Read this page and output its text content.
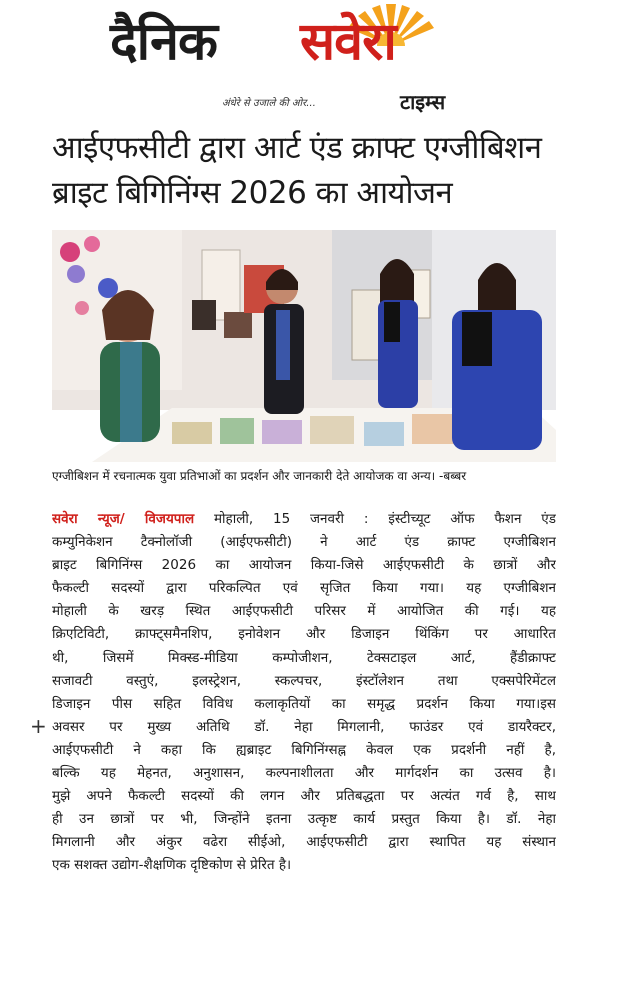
दैनिक सवेरा
अंधेरे से उजाले की ओर...	टाइम्स
आईएफसीटी द्वारा आर्ट एंड क्राफ्ट एग्जीबिशन
ब्राइट बिगिनिंग्स 2026 का आयोजन
एग्जीबिशन में रचनात्मक युवा प्रतिभाओं का प्रदर्शन और जानकारी देते आयोजक वा अन्य। -बब्बर
सवेरा न्यूज/ विजयपाल मोहाली, 15 जनवरी : इंस्टीच्यूट ऑफ फैशन एंड
कम्युनिकेशन टैक्नोलॉजी (आईएफसीटी) ने आर्ट एंड क्राफ्ट एग्जीबिशन
ब्राइट बिगिनिंग्स 2026 का आयोजन किया-जिसे आईएफसीटी के छात्रों और
फैकल्टी सदस्यों द्वारा परिकल्पित एवं सृजित किया गया। यह एग्जीबिशन
मोहाली के खरड़ स्थित आईएफसीटी परिसर में आयोजित की गई। यह
क्रिएटिविटी, क्राफ्ट्समैनशिप, इनोवेशन और डिजाइन थिंकिंग पर आधारित
थी, जिसमें मिक्स्ड-मीडिया कम्पोजीशन, टेक्सटाइल आर्ट, हैंडीक्राफ्ट
सजावटी वस्तुएं, इलस्ट्रेशन, स्कल्पचर, इंस्टॉलेशन तथा एक्सपेरिमेंटल
डिजाइन पीस सहित विविध कलाकृतियों का समृद्ध प्रदर्शन किया गया।इस
अवसर पर मुख्य अतिथि डॉ. नेहा मिगलानी, फाउंडर एवं डायरैक्टर,
आईएफसीटी ने कहा कि ह्यब्राइट बिगिनिंग्सह्न केवल एक प्रदर्शनी नहीं है,
बल्कि यह मेहनत, अनुशासन, कल्पनाशीलता और मार्गदर्शन का उत्सव है।
मुझे अपने फैकल्टी सदस्यों की लगन और प्रतिबद्धता पर अत्यंत गर्व है, साथ
ही उन छात्रों पर भी, जिन्होंने इतना उत्कृष्ट कार्य प्रस्तुत किया है। डॉ. नेहा
मिगलानी और अंकुर वढेरा सीईओ, आईएफसीटी द्वारा स्थापित यह संस्थान
एक सशक्त उद्योग-शैक्षणिक दृष्टिकोण से प्रेरित है।
+
